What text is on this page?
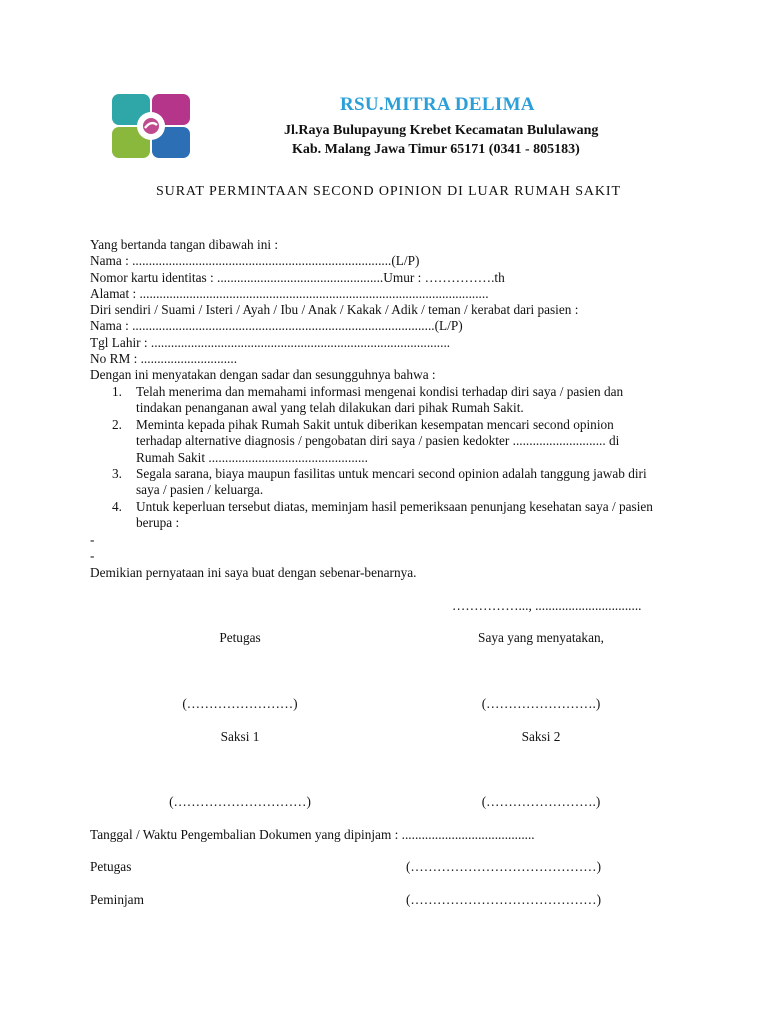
RSU.MITRA DELIMA
Jl.Raya Bulupayung Krebet Kecamatan Bululawang
Kab. Malang Jawa Timur 65171 (0341 - 805183)
SURAT PERMINTAAN SECOND OPINION DI LUAR RUMAH SAKIT
Yang bertanda tangan dibawah ini :
Nama : ..............................................................................(L/P)
Nomor kartu identitas : ..................................................Umur : …………….th
Alamat : .........................................................................................................
Diri sendiri / Suami / Isteri / Ayah / Ibu / Anak / Kakak / Adik / teman / kerabat dari pasien :
Nama : ...........................................................................................(L/P)
Tgl Lahir : ..........................................................................................
No RM : .............................
Dengan ini menyatakan dengan sadar dan sesungguhnya bahwa :
1. Telah menerima dan memahami informasi mengenai kondisi terhadap diri saya / pasien dan
tindakan penanganan awal yang telah dilakukan dari pihak Rumah Sakit.
2. Meminta kepada pihak Rumah Sakit untuk diberikan kesempatan mencari second opinion
terhadap alternative diagnosis / pengobatan diri saya / pasien kedokter ............................ di
Rumah Sakit ................................................
3. Segala sarana, biaya maupun fasilitas untuk mencari second opinion adalah tanggung jawab diri
saya / pasien / keluarga.
4. Untuk keperluan tersebut diatas, meminjam hasil pemeriksaan penunjang kesehatan saya / pasien
berupa :
-
-
Demikian pernyataan ini saya buat dengan sebenar-benarnya.
……………..., ................................
Petugas	Saya yang menyatakan,
(……………………)	(…………………….)
Saksi 1	Saksi 2
(…………………………)	(…………………….)
Tanggal / Waktu Pengembalian Dokumen yang dipinjam : ........................................
Petugas	(……………………………………)
Peminjam	(……………………………………)
